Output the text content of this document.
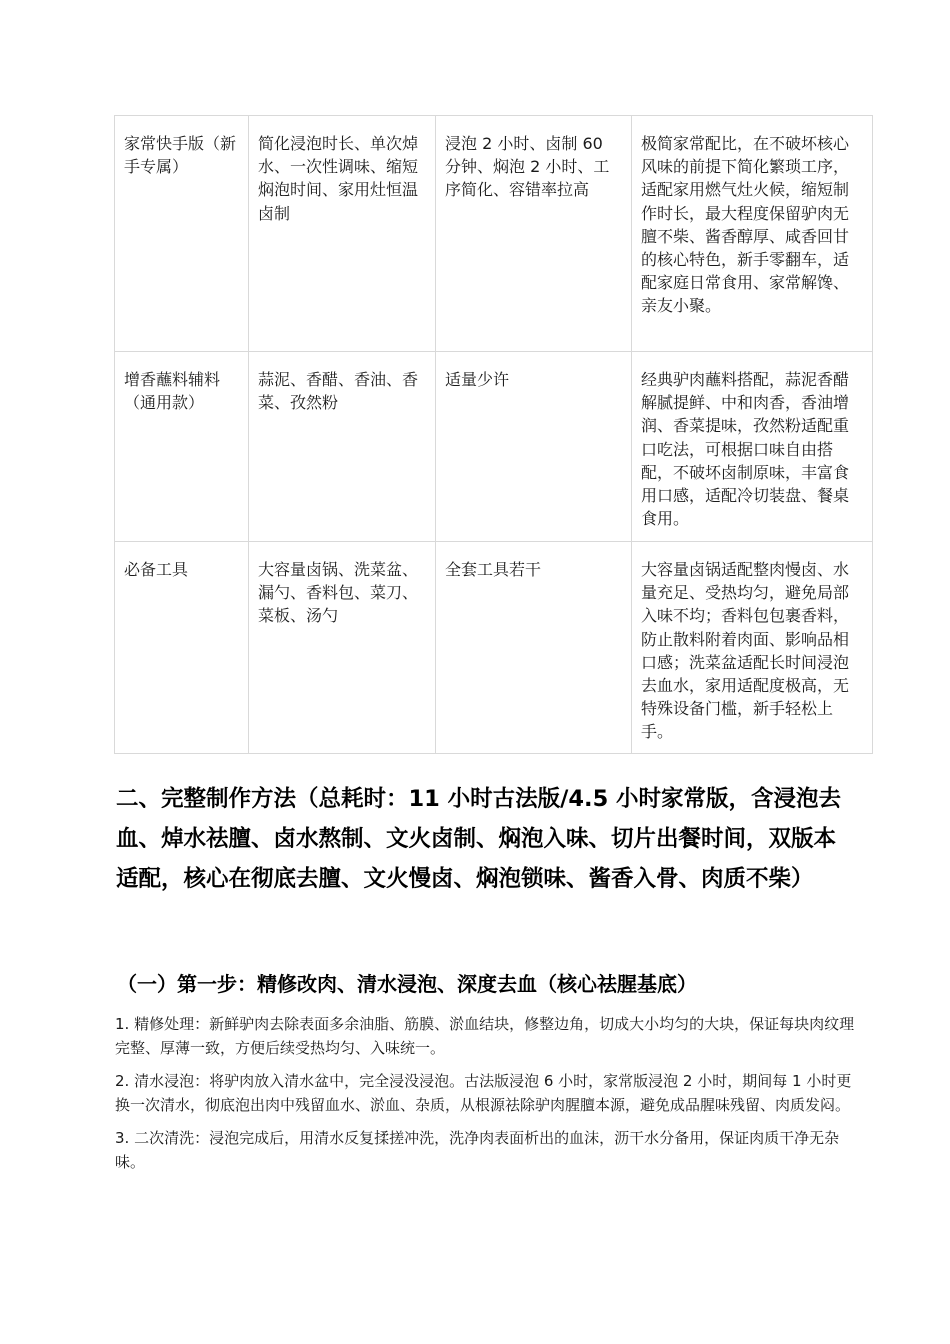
家常快手版（新手专属）	简化浸泡时长、单次焯水、一次性调味、缩短焖泡时间、家用灶恒温卤制	浸泡 2 小时、卤制 60 分钟、焖泡 2 小时、工序简化、容错率拉高	极简家常配比，在不破坏核心风味的前提下简化繁琐工序，适配家用燃气灶火候，缩短制作时长，最大程度保留驴肉无膻不柴、酱香醇厚、咸香回甘的核心特色，新手零翻车，适配家庭日常食用、家常解馋、亲友小聚。
增香蘸料辅料（通用款）	蒜泥、香醋、香油、香菜、孜然粉	适量少许	经典驴肉蘸料搭配，蒜泥香醋解腻提鲜、中和肉香，香油增润、香菜提味，孜然粉适配重口吃法，可根据口味自由搭配，不破坏卤制原味，丰富食用口感，适配冷切装盘、餐桌食用。
必备工具	大容量卤锅、洗菜盆、漏勺、香料包、菜刀、菜板、汤勺	全套工具若干	大容量卤锅适配整肉慢卤、水量充足、受热均匀，避免局部入味不均；香料包包裹香料，防止散料附着肉面、影响品相口感；洗菜盆适配长时间浸泡去血水，家用适配度极高，无特殊设备门槛，新手轻松上手。
二、完整制作方法（总耗时：11 小时古法版/4.5 小时家常版，含浸泡去血、焯水祛膻、卤水熬制、文火卤制、焖泡入味、切片出餐时间，双版本适配，核心在彻底去膻、文火慢卤、焖泡锁味、酱香入骨、肉质不柴）
（一）第一步：精修改肉、清水浸泡、深度去血（核心祛腥基底）

1. 精修处理：新鲜驴肉去除表面多余油脂、筋膜、淤血结块，修整边角，切成大小均匀的大块，保证每块肉纹理完整、厚薄一致，方便后续受热均匀、入味统一。

2. 清水浸泡：将驴肉放入清水盆中，完全浸没浸泡。古法版浸泡 6 小时，家常版浸泡 2 小时，期间每 1 小时更换一次清水，彻底泡出肉中残留血水、淤血、杂质，从根源祛除驴肉腥膻本源，避免成品腥味残留、肉质发闷。

3. 二次清洗：浸泡完成后，用清水反复揉搓冲洗，洗净肉表面析出的血沫，沥干水分备用，保证肉质干净无杂味。
